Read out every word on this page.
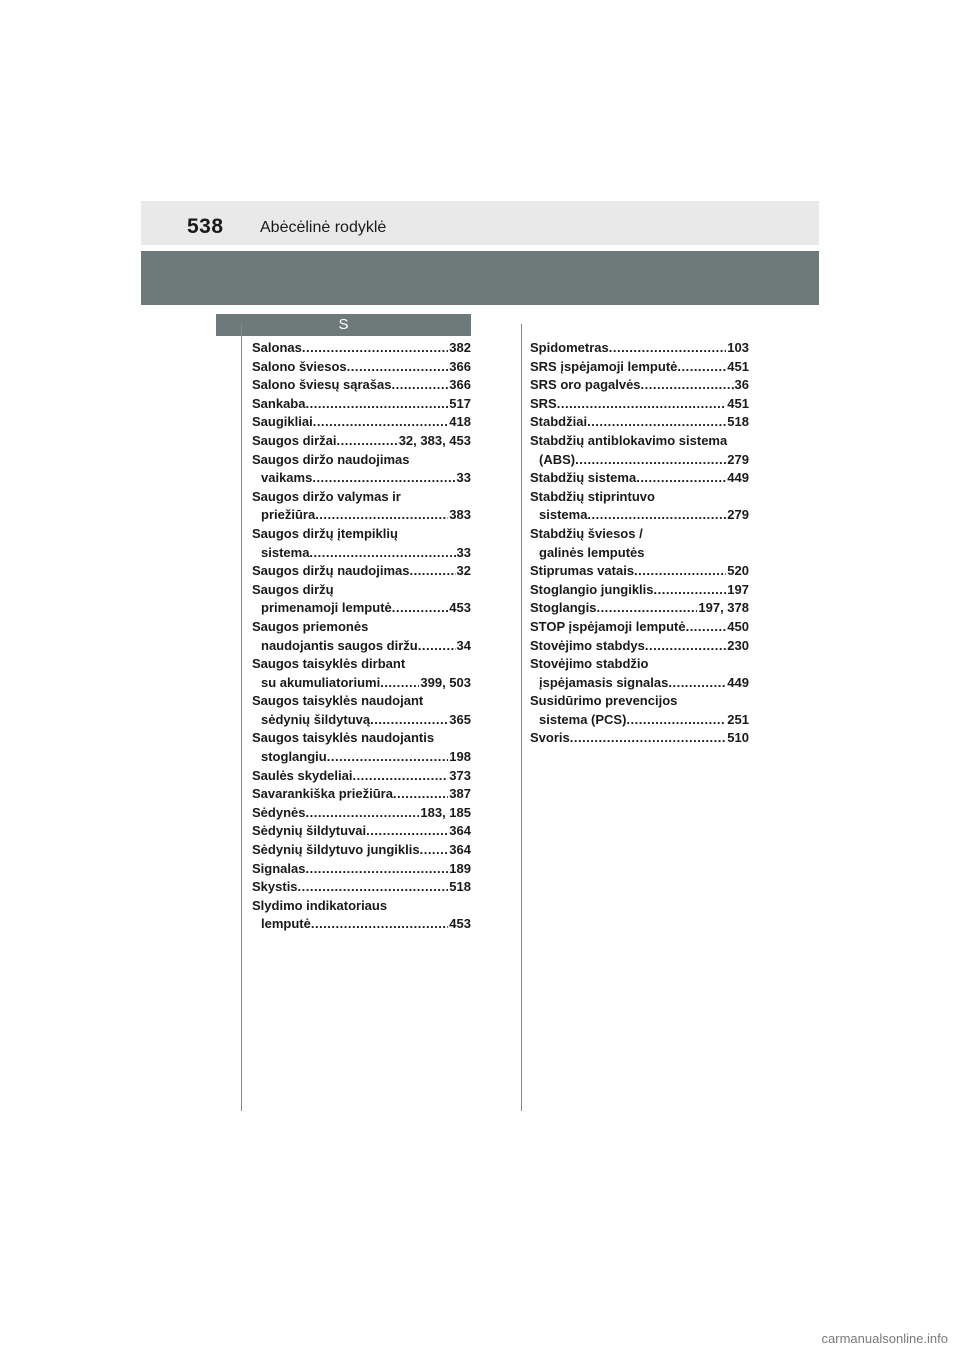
538 Abėcėlinė rodyklė
S
Salonas .....	382
Salono šviesos .....	366
Salono šviesų sąrašas .....	366
Sankaba .....	517
Saugikliai .....	418
Saugos diržai .....	32, 383, 453
Saugos diržo naudojimas
vaikams .....	33
Saugos diržo valymas ir
priežiūra .....	383
Saugos diržų įtempiklių
sistema .....	33
Saugos diržų naudojimas .....	32
Saugos diržų
primenamoji lemputė .....	453
Saugos priemonės
naudojantis saugos diržu .....	34
Saugos taisyklės dirbant
su akumuliatoriumi .....	399, 503
Saugos taisyklės naudojant
sėdynių šildytuvą .....	365
Saugos taisyklės naudojantis
stoglangiu .....	198
Saulės skydeliai .....	373
Savarankiška priežiūra .....	387
Sėdynės .....	183, 185
Sėdynių šildytuvai .....	364
Sėdynių šildytuvo jungiklis ..... 364
Signalas .....	189
Skystis .....	518
Slydimo indikatoriaus
lemputė .....	453
Spidometras .....	103
SRS įspėjamoji lemputė .....	451
SRS oro pagalvės .....	36
SRS .....	451
Stabdžiai .....	518
Stabdžių antiblokavimo sistema
(ABS) .....	279
Stabdžių sistema .....	449
Stabdžių stiprintuvo
sistema .....	279
Stabdžių šviesos /
galinės lemputės
Stiprumas vatais .....	520
Stoglangio jungiklis .....	197
Stoglangis .....	197, 378
STOP įspėjamoji lemputė .....	450
Stovėjimo stabdys .....	230
Stovėjimo stabdžio
įspėjamasis signalas .....	449
Susidūrimo prevencijos
sistema (PCS) .....	251
Svoris .....	510
carmanualsonline.info
